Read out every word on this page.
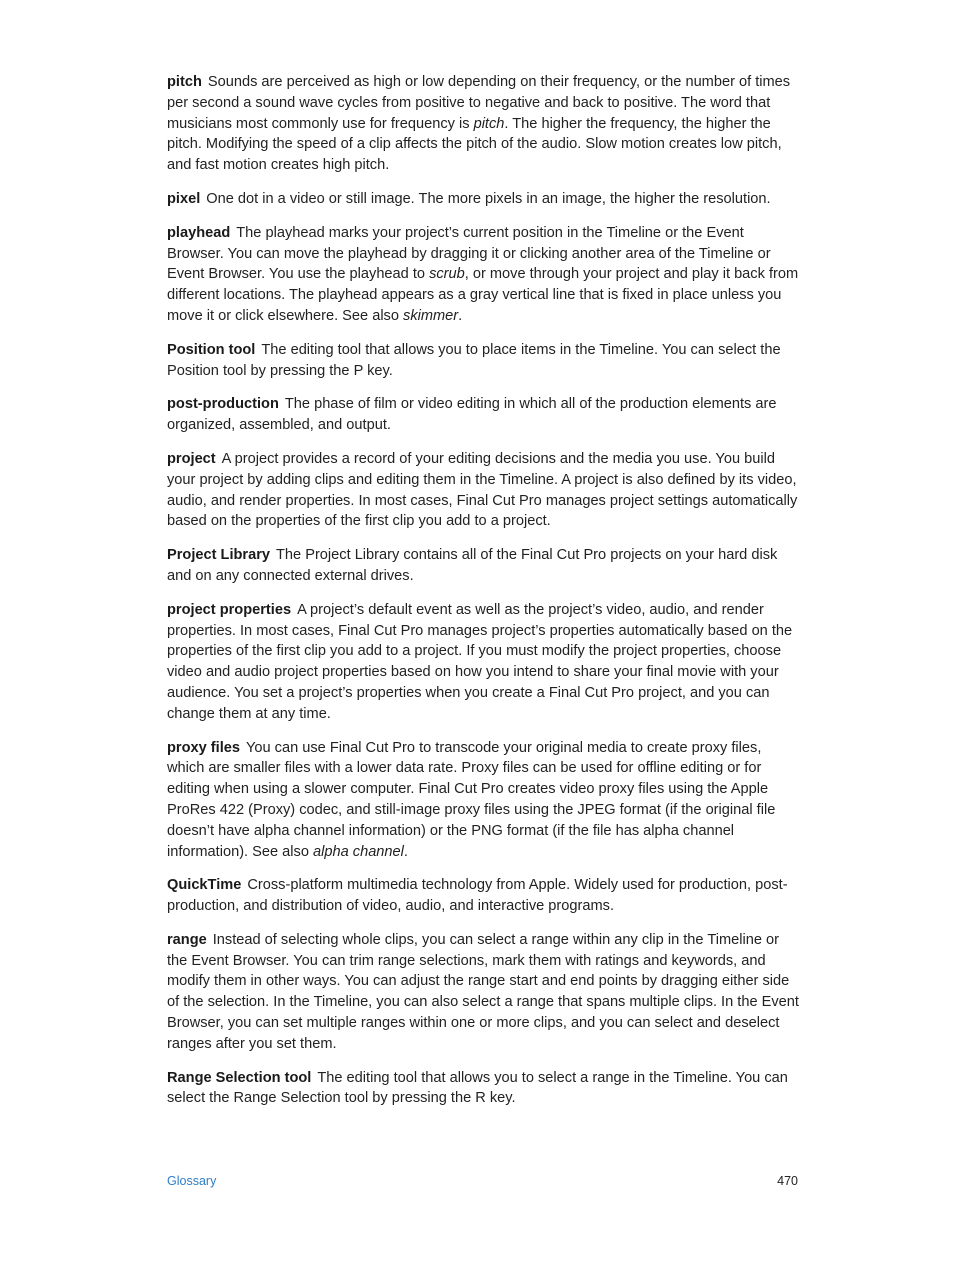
pitch Sounds are perceived as high or low depending on their frequency, or the number of times per second a sound wave cycles from positive to negative and back to positive. The word that musicians most commonly use for frequency is pitch. The higher the frequency, the higher the pitch. Modifying the speed of a clip affects the pitch of the audio. Slow motion creates low pitch, and fast motion creates high pitch.

pixel One dot in a video or still image. The more pixels in an image, the higher the resolution.

playhead The playhead marks your project’s current position in the Timeline or the Event Browser. You can move the playhead by dragging it or clicking another area of the Timeline or Event Browser. You use the playhead to scrub, or move through your project and play it back from different locations. The playhead appears as a gray vertical line that is fixed in place unless you move it or click elsewhere. See also skimmer.

Position tool The editing tool that allows you to place items in the Timeline. You can select the Position tool by pressing the P key.

post-production The phase of film or video editing in which all of the production elements are organized, assembled, and output.

project A project provides a record of your editing decisions and the media you use. You build your project by adding clips and editing them in the Timeline. A project is also defined by its video, audio, and render properties. In most cases, Final Cut Pro manages project settings automatically based on the properties of the first clip you add to a project.

Project Library The Project Library contains all of the Final Cut Pro projects on your hard disk and on any connected external drives.

project properties A project’s default event as well as the project’s video, audio, and render properties. In most cases, Final Cut Pro manages project’s properties automatically based on the properties of the first clip you add to a project. If you must modify the project properties, choose video and audio project properties based on how you intend to share your final movie with your audience. You set a project’s properties when you create a Final Cut Pro project, and you can change them at any time.

proxy files You can use Final Cut Pro to transcode your original media to create proxy files, which are smaller files with a lower data rate. Proxy files can be used for offline editing or for editing when using a slower computer. Final Cut Pro creates video proxy files using the Apple ProRes 422 (Proxy) codec, and still-image proxy files using the JPEG format (if the original file doesn’t have alpha channel information) or the PNG format (if the file has alpha channel information). See also alpha channel.

QuickTime Cross-platform multimedia technology from Apple. Widely used for production, post-production, and distribution of video, audio, and interactive programs.

range Instead of selecting whole clips, you can select a range within any clip in the Timeline or the Event Browser. You can trim range selections, mark them with ratings and keywords, and modify them in other ways. You can adjust the range start and end points by dragging either side of the selection. In the Timeline, you can also select a range that spans multiple clips. In the Event Browser, you can set multiple ranges within one or more clips, and you can select and deselect ranges after you set them.

Range Selection tool The editing tool that allows you to select a range in the Timeline. You can select the Range Selection tool by pressing the R key.

Glossary	470
